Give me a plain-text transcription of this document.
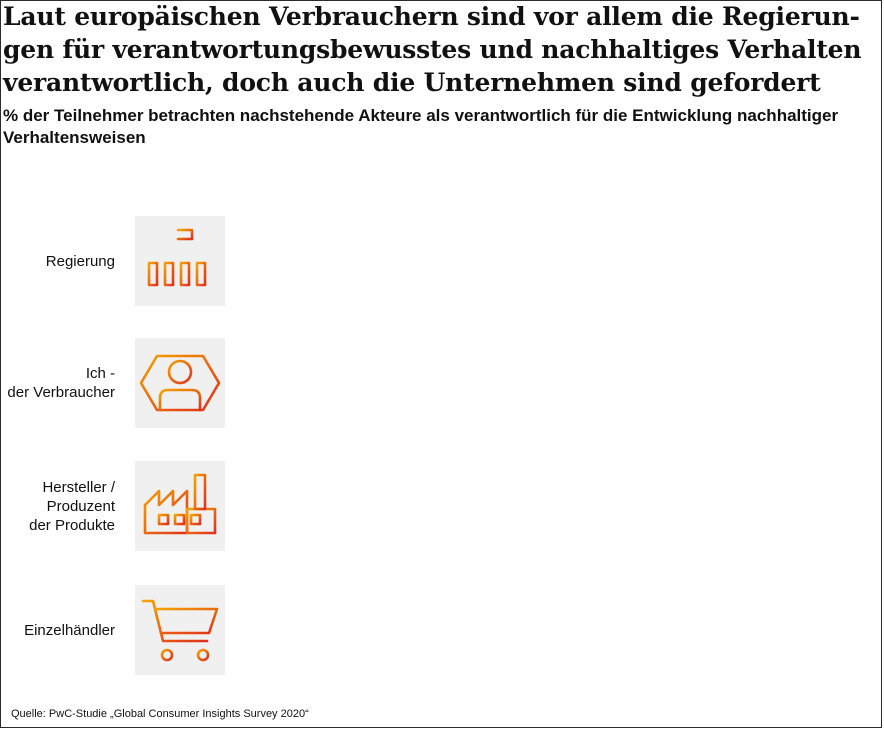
Laut europäischen Verbrauchern sind vor allem die Regierun-
gen für verantwortungsbewusstes und nachhaltiges Verhalten
verantwortlich, doch auch die Unternehmen sind gefordert

% der Teilnehmer betrachten nachstehende Akteure als verantwortlich für die Entwicklung nachhaltiger Verhaltensweisen

Regierung
Ich -
der Verbraucher
Hersteller /
Produzent
der Produkte
Einzelhändler
Quelle: PwC-Studie „Global Consumer Insights Survey 2020“
